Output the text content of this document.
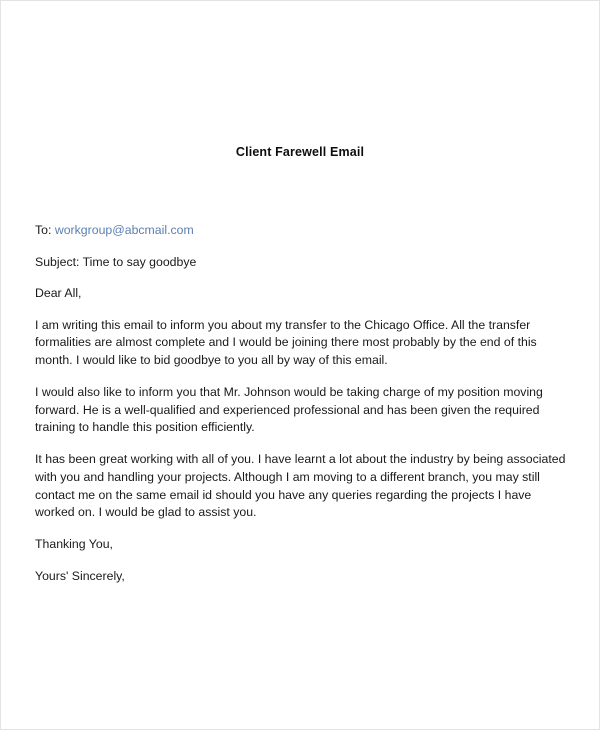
Client Farewell Email
To: workgroup@abcmail.com
Subject: Time to say goodbye
Dear All,
I am writing this email to inform you about my transfer to the Chicago Office. All the transfer formalities are almost complete and I would be joining there most probably by the end of this month. I would like to bid goodbye to you all by way of this email.
I would also like to inform you that Mr. Johnson would be taking charge of my position moving forward. He is a well-qualified and experienced professional and has been given the required training to handle this position efficiently.
It has been great working with all of you. I have learnt a lot about the industry by being associated with you and handling your projects. Although I am moving to a different branch, you may still contact me on the same email id should you have any queries regarding the projects I have worked on. I would be glad to assist you.
Thanking You,
Yours' Sincerely,
